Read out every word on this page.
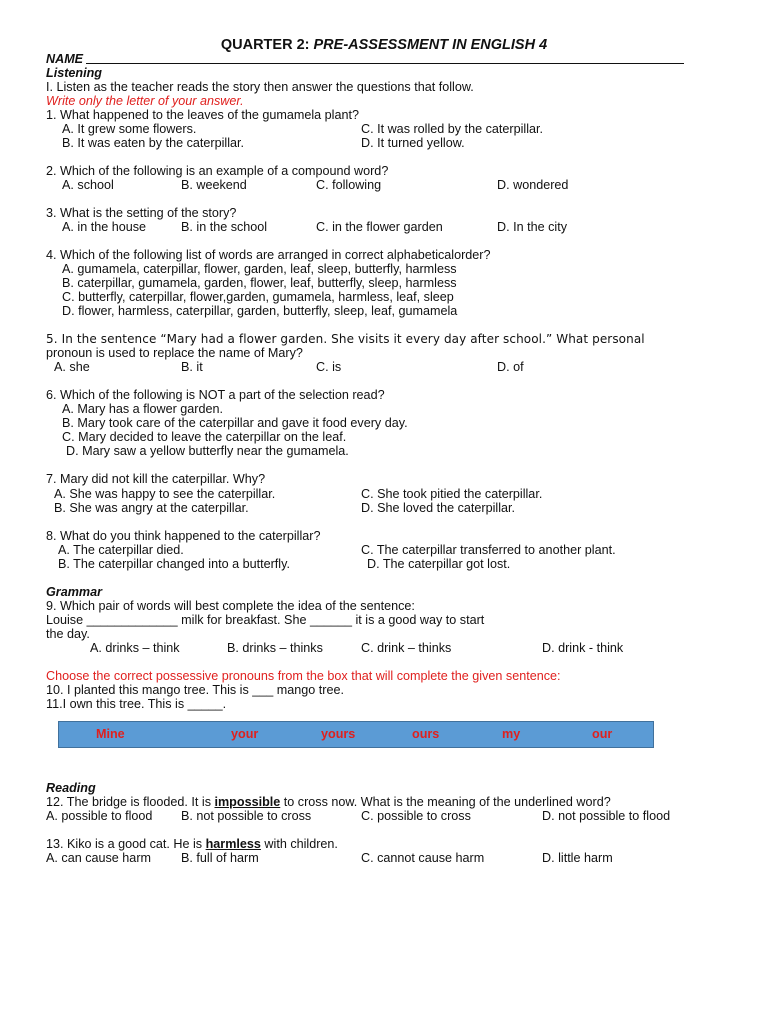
QUARTER 2: PRE-ASSESSMENT IN ENGLISH 4
NAME
Listening
I. Listen as the teacher reads the story then answer the questions that follow.
Write only the letter of your answer.
1. What happened to the leaves of the gumamela plant?
A. It grew some flowers.	C. It was rolled by the caterpillar.
B. It was eaten by the caterpillar.	D. It turned yellow.
2. Which of the following is an example of a compound word?
A. school	B. weekend	C. following	D. wondered
3. What is the setting of the story?
A. in the house	B. in the school	C. in the flower garden	D. In the city
4. Which of the following list of words are arranged in correct alphabeticalorder?
A. gumamela, caterpillar, flower, garden, leaf, sleep, butterfly, harmless
B. caterpillar, gumamela, garden, flower, leaf, butterfly, sleep, harmless
C. butterfly, caterpillar, flower,garden, gumamela, harmless, leaf, sleep
D. flower, harmless, caterpillar, garden, butterfly, sleep, leaf, gumamela
5. In the sentence “Mary had a flower garden. She visits it every day after school.” What personal
pronoun is used to replace the name of Mary?
A. she	B. it	C. is	D. of
6. Which of the following is NOT a part of the selection read?
A. Mary has a flower garden.
B. Mary took care of the caterpillar and gave it food every day.
C. Mary decided to leave the caterpillar on the leaf.
D. Mary saw a yellow butterfly near the gumamela.
7. Mary did not kill the caterpillar. Why?
A. She was happy to see the caterpillar.	C. She took pitied the caterpillar.
B. She was angry at the caterpillar.	D. She loved the caterpillar.
8. What do you think happened to the caterpillar?
A. The caterpillar died.	C. The caterpillar transferred to another plant.
B. The caterpillar changed into a butterfly.	D. The caterpillar got lost.
Grammar
9. Which pair of words will best complete the idea of the sentence:
Louise _____________ milk for breakfast. She ______ it is a good way to start
the day.
A. drinks – think	B. drinks – thinks	C. drink – thinks	D. drink - think
Choose the correct possessive pronouns from the box that will complete the given sentence:
10. I planted this mango tree. This is ___ mango tree.
11.I own this tree. This is _____.
Mine	your	yours	ours	my	our
Reading
12. The bridge is flooded. It is impossible to cross now. What is the meaning of the underlined word?
A. possible to flood B. not possible to cross	C. possible to cross	D. not possible to flood
13. Kiko is a good cat. He is harmless with children.
A. can cause harm B. full of harm	C. cannot cause harm	D. little harm
